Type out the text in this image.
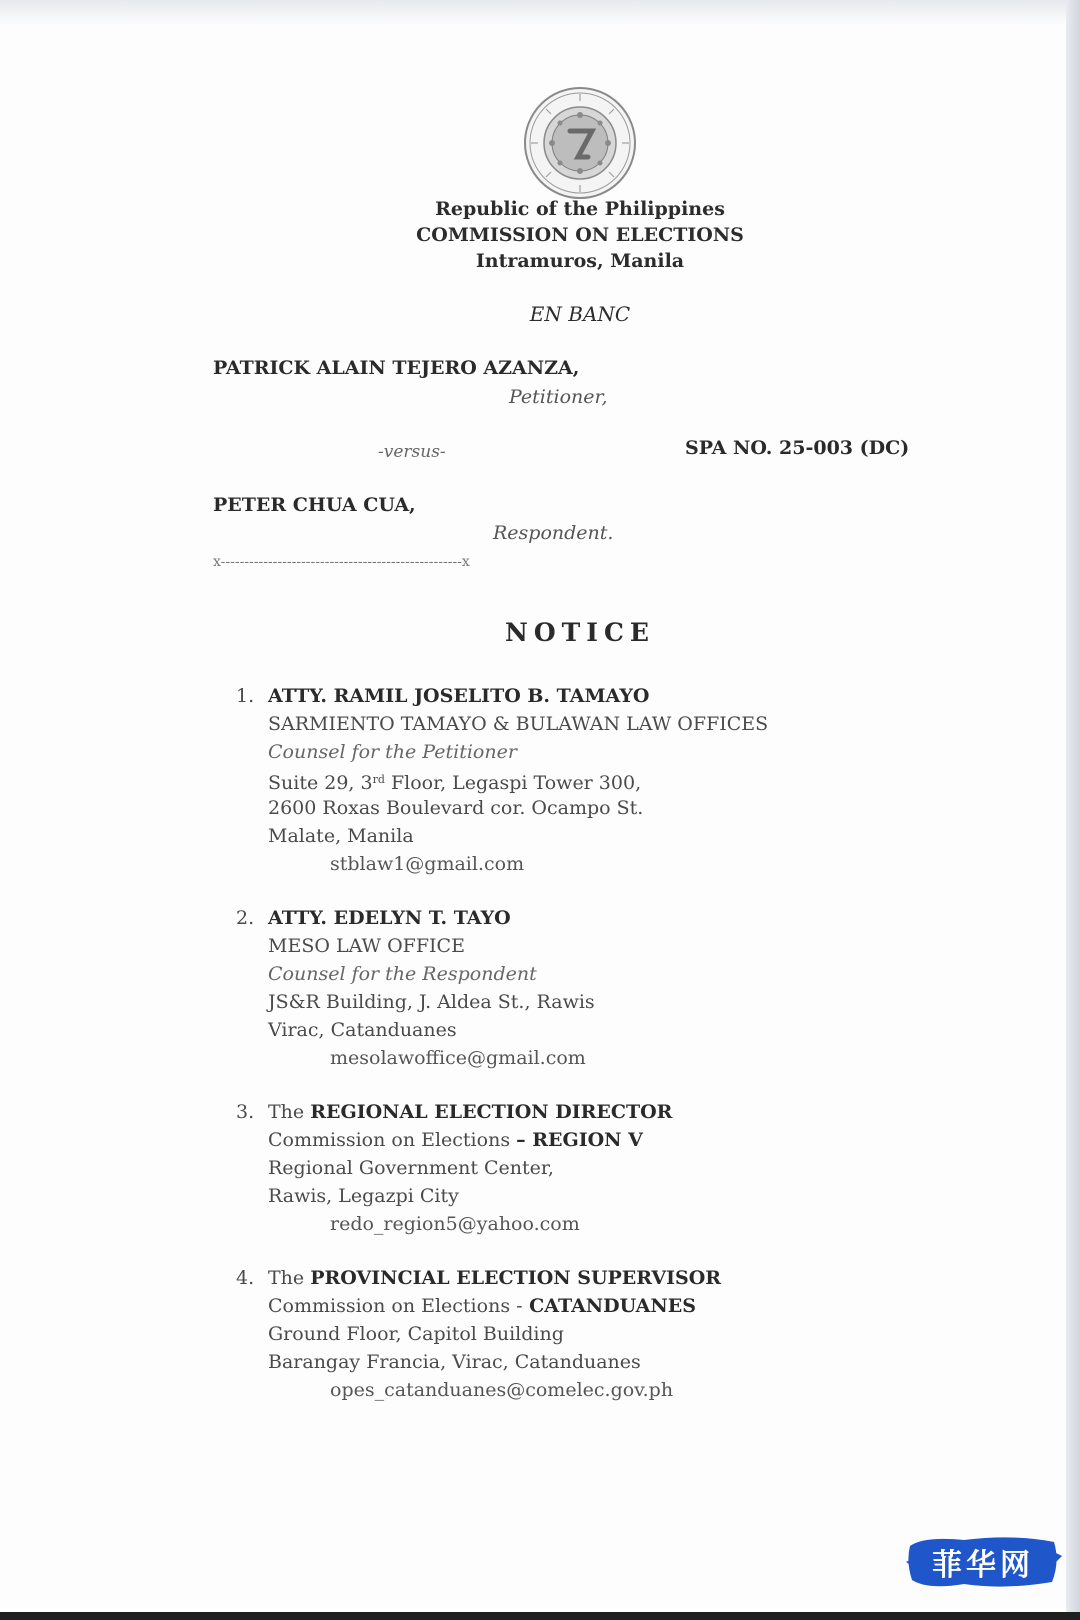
Republic of the Philippines
COMMISSION ON ELECTIONS
Intramuros, Manila
EN BANC
PATRICK ALAIN TEJERO AZANZA,
Petitioner,
-versus-	SPA NO. 25-003 (DC)
PETER CHUA CUA,
Respondent.
x---------------------------------------------------x
NOTICE
1. ATTY. RAMIL JOSELITO B. TAMAYO
SARMIENTO TAMAYO & BULAWAN LAW OFFICES
Counsel for the Petitioner
Suite 29, 3rd Floor, Legaspi Tower 300,
2600 Roxas Boulevard cor. Ocampo St.
Malate, Manila
stblaw1@gmail.com
2. ATTY. EDELYN T. TAYO
MESO LAW OFFICE
Counsel for the Respondent
JS&R Building, J. Aldea St., Rawis
Virac, Catanduanes
mesolawoffice@gmail.com
3. The REGIONAL ELECTION DIRECTOR
Commission on Elections – REGION V
Regional Government Center,
Rawis, Legazpi City
redo_region5@yahoo.com
4. The PROVINCIAL ELECTION SUPERVISOR
Commission on Elections - CATANDUANES
Ground Floor, Capitol Building
Barangay Francia, Virac, Catanduanes
opes_catanduanes@comelec.gov.ph
菲华网
